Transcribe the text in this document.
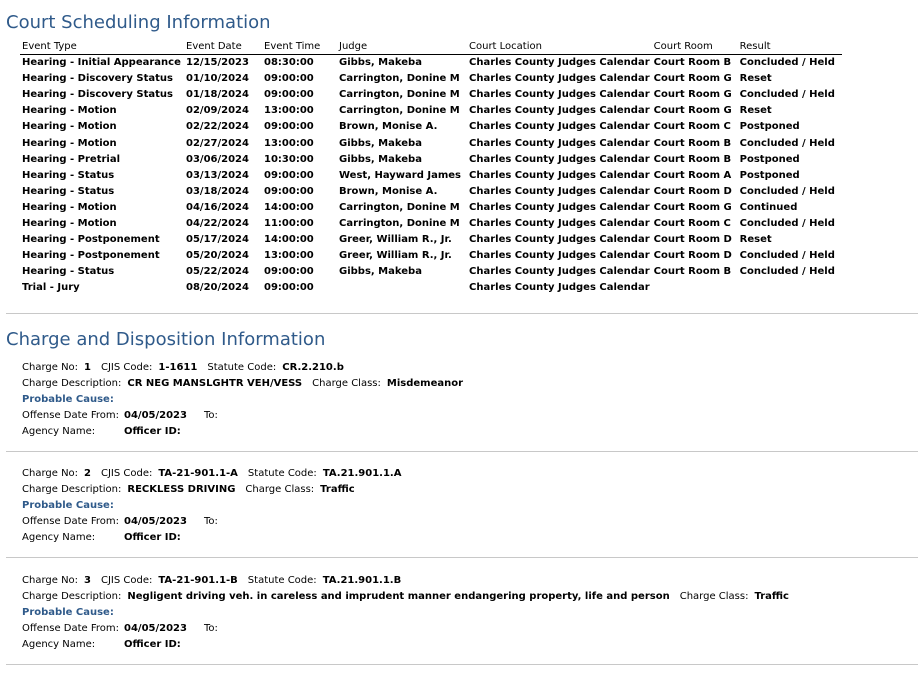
Court Scheduling Information
Event Type	Event Date	Event Time	Judge	Court Location	Court Room	Result
Hearing - Initial Appearance	12/15/2023	08:30:00	Gibbs, Makeba	Charles County Judges Calendar	Court Room B	Concluded / Held
Hearing - Discovery Status	01/10/2024	09:00:00	Carrington, Donine M	Charles County Judges Calendar	Court Room G	Reset
Hearing - Discovery Status	01/18/2024	09:00:00	Carrington, Donine M	Charles County Judges Calendar	Court Room G	Concluded / Held
Hearing - Motion	02/09/2024	13:00:00	Carrington, Donine M	Charles County Judges Calendar	Court Room G	Reset
Hearing - Motion	02/22/2024	09:00:00	Brown, Monise A.	Charles County Judges Calendar	Court Room C	Postponed
Hearing - Motion	02/27/2024	13:00:00	Gibbs, Makeba	Charles County Judges Calendar	Court Room B	Concluded / Held
Hearing - Pretrial	03/06/2024	10:30:00	Gibbs, Makeba	Charles County Judges Calendar	Court Room B	Postponed
Hearing - Status	03/13/2024	09:00:00	West, Hayward James	Charles County Judges Calendar	Court Room A	Postponed
Hearing - Status	03/18/2024	09:00:00	Brown, Monise A.	Charles County Judges Calendar	Court Room D	Concluded / Held
Hearing - Motion	04/16/2024	14:00:00	Carrington, Donine M	Charles County Judges Calendar	Court Room G	Continued
Hearing - Motion	04/22/2024	11:00:00	Carrington, Donine M	Charles County Judges Calendar	Court Room C	Concluded / Held
Hearing - Postponement	05/17/2024	14:00:00	Greer, William R., Jr.	Charles County Judges Calendar	Court Room D	Reset
Hearing - Postponement	05/20/2024	13:00:00	Greer, William R., Jr.	Charles County Judges Calendar	Court Room D	Concluded / Held
Hearing - Status	05/22/2024	09:00:00	Gibbs, Makeba	Charles County Judges Calendar	Court Room B	Concluded / Held
Trial - Jury	08/20/2024	09:00:00		Charles County Judges Calendar		
Charge and Disposition Information
Charge No: 1 CJIS Code: 1-1611 Statute Code: CR.2.210.b
Charge Description: CR NEG MANSLGHTR VEH/VESS Charge Class: Misdemeanor
Probable Cause:
Offense Date From: 04/05/2023 To:
Agency Name:	Officer ID:
Charge No: 2 CJIS Code: TA-21-901.1-A Statute Code: TA.21.901.1.A
Charge Description: RECKLESS DRIVING Charge Class: Traffic
Probable Cause:
Offense Date From: 04/05/2023 To:
Agency Name:	Officer ID:
Charge No: 3 CJIS Code: TA-21-901.1-B Statute Code: TA.21.901.1.B
Charge Description: Negligent driving veh. in careless and imprudent manner endangering property, life and person Charge Class: Traffic
Probable Cause:
Offense Date From: 04/05/2023 To:
Agency Name:	Officer ID:
